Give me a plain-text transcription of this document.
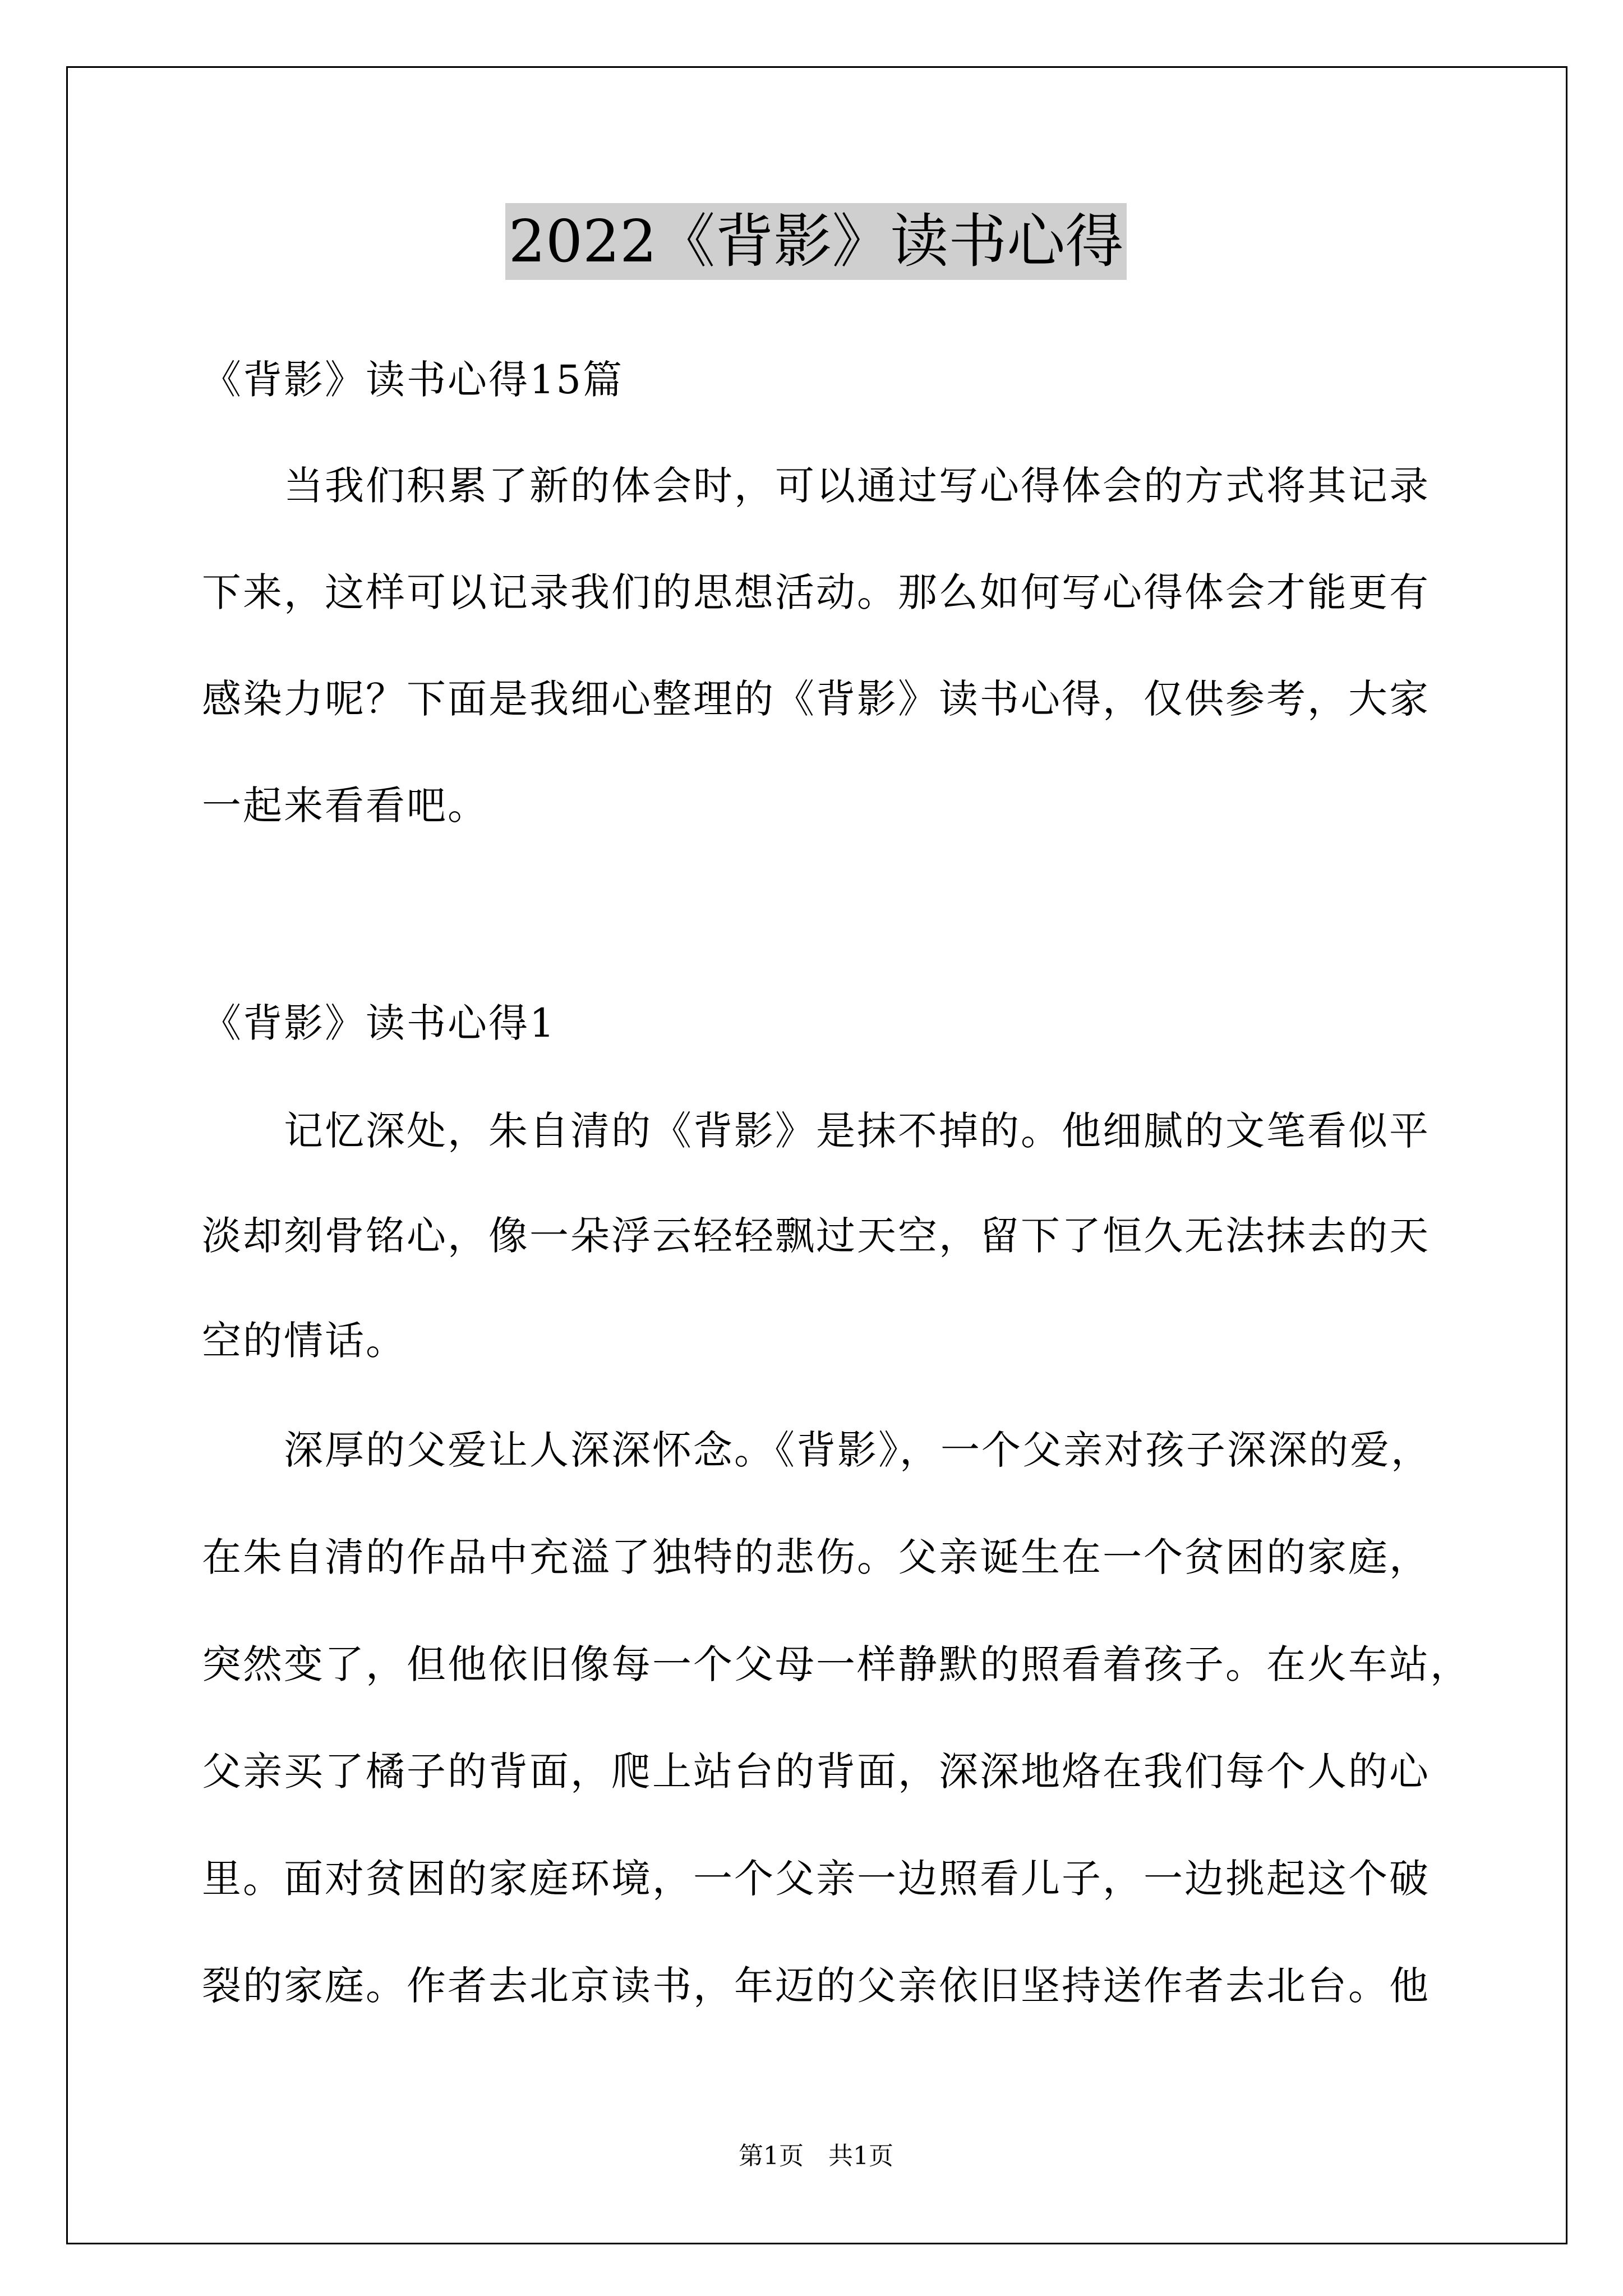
2022《背影》读书心得
《背影》读书心得15篇
当我们积累了新的体会时，可以通过写心得体会的方式将其记录
下来，这样可以记录我们的思想活动。那么如何写心得体会才能更有
感染力呢？下面是我细心整理的《背影》读书心得，仅供参考，大家
一起来看看吧。
《背影》读书心得1
记忆深处，朱自清的《背影》是抹不掉的。他细腻的文笔看似平
淡却刻骨铭心，像一朵浮云轻轻飘过天空，留下了恒久无法抹去的天
空的情话。
深厚的父爱让人深深怀念。《背影》，一个父亲对孩子深深的爱，
在朱自清的作品中充溢了独特的悲伤。父亲诞生在一个贫困的家庭，
突然变了，但他依旧像每一个父母一样静默的照看着孩子。在火车站，
父亲买了橘子的背面，爬上站台的背面，深深地烙在我们每个人的心
里。面对贫困的家庭环境，一个父亲一边照看儿子，一边挑起这个破
裂的家庭。作者去北京读书，年迈的父亲依旧坚持送作者去北台。他
第1页　共1页
